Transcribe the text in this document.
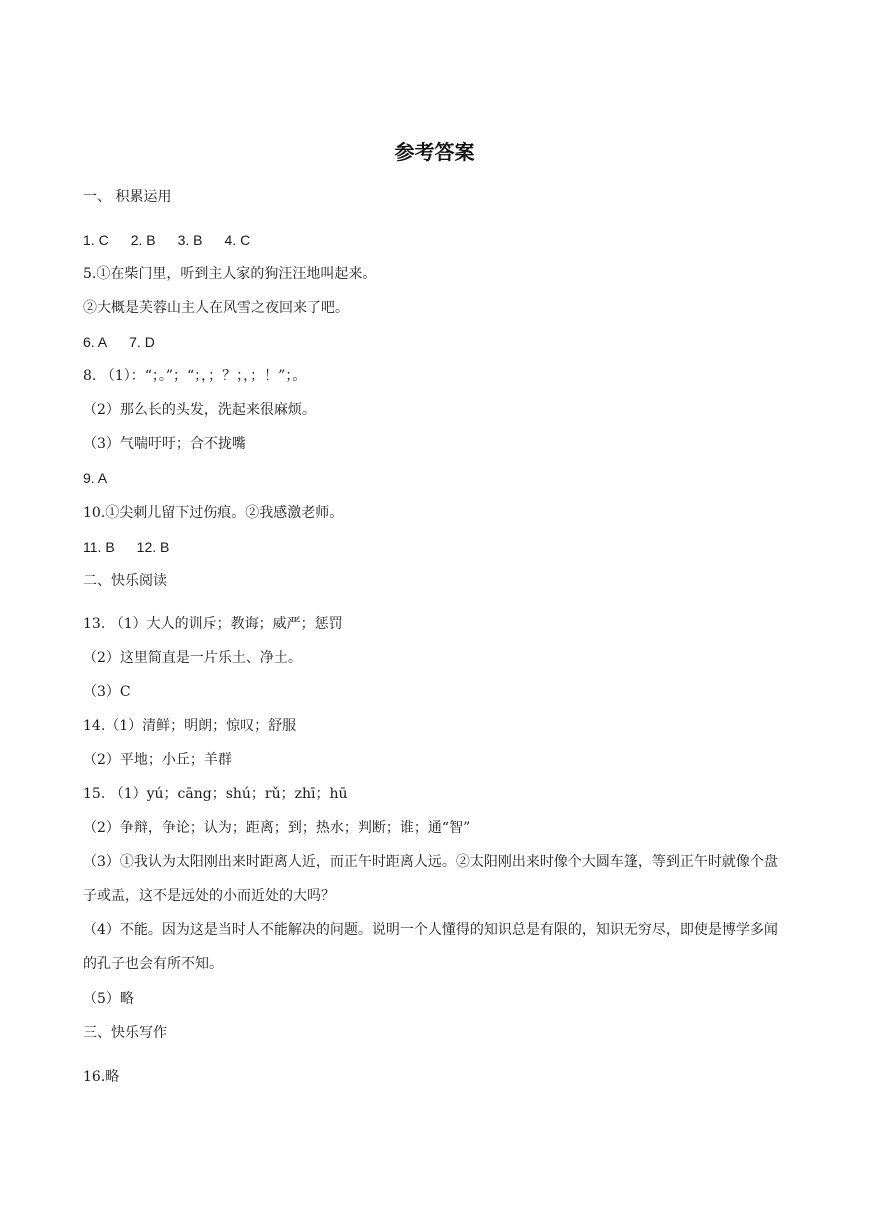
参考答案
一、 积累运用
1. C 2. B 3. B 4. C
5.①在柴门里，听到主人家的狗汪汪地叫起来。
②大概是芙蓉山主人在风雪之夜回来了吧。
6. A 7. D
8. （1）：“；。”；“；，；？；，；！”；。
（2）那么长的头发，洗起来很麻烦。
（3）气喘吁吁；合不拢嘴
9. A
10.①尖刺儿留下过伤痕。②我感激老师。
11. B 12. B
二、快乐阅读
13. （1）大人的训斥；教诲；威严；惩罚
（2）这里简直是一片乐土、净土。
（3）C
14.（1）清鲜；明朗；惊叹；舒服
（2）平地；小丘；羊群
15. （1）yú；cāng；shú；rǔ；zhī；hū
（2）争辩，争论；认为；距离；到；热水；判断；谁；通“智”
（3）①我认为太阳刚出来时距离人近，而正午时距离人远。②太阳刚出来时像个大圆车篷，等到正午时就像个盘子或盂，这不是远处的小而近处的大吗？
（4）不能。因为这是当时人不能解决的问题。说明一个人懂得的知识总是有限的，知识无穷尽，即使是博学多闻的孔子也会有所不知。
（5）略
三、快乐写作
16.略
